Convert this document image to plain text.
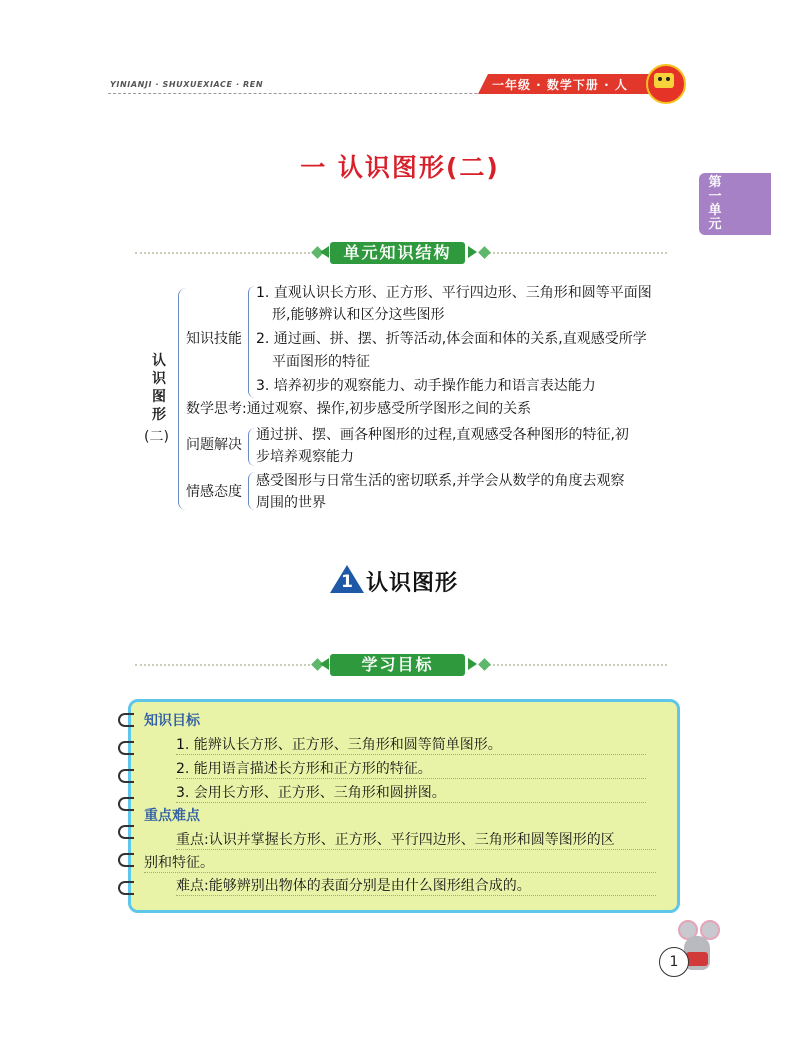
YINIANJI · SHUXUEXIACE · REN	一年级 · 数学下册 · 人
第一单元
一 认识图形(二)
单元知识结构
认
识
图
形
(二)
知识技能
1. 直观认识长方形、正方形、平行四边形、三角形和圆等平面图
形,能够辨认和区分这些图形
2. 通过画、拼、摆、折等活动,体会面和体的关系,直观感受所学
平面图形的特征
3. 培养初步的观察能力、动手操作能力和语言表达能力
数学思考:通过观察、操作,初步感受所学图形之间的关系
问题解决
通过拼、摆、画各种图形的过程,直观感受各种图形的特征,初
步培养观察能力
情感态度
感受图形与日常生活的密切联系,并学会从数学的角度去观察
周围的世界
1 认识图形
学习目标
知识目标
1. 能辨认长方形、正方形、三角形和圆等简单图形。
2. 能用语言描述长方形和正方形的特征。
3. 会用长方形、正方形、三角形和圆拼图。
重点难点
重点:认识并掌握长方形、正方形、平行四边形、三角形和圆等图形的区
别和特征。
难点:能够辨别出物体的表面分别是由什么图形组合成的。
1
